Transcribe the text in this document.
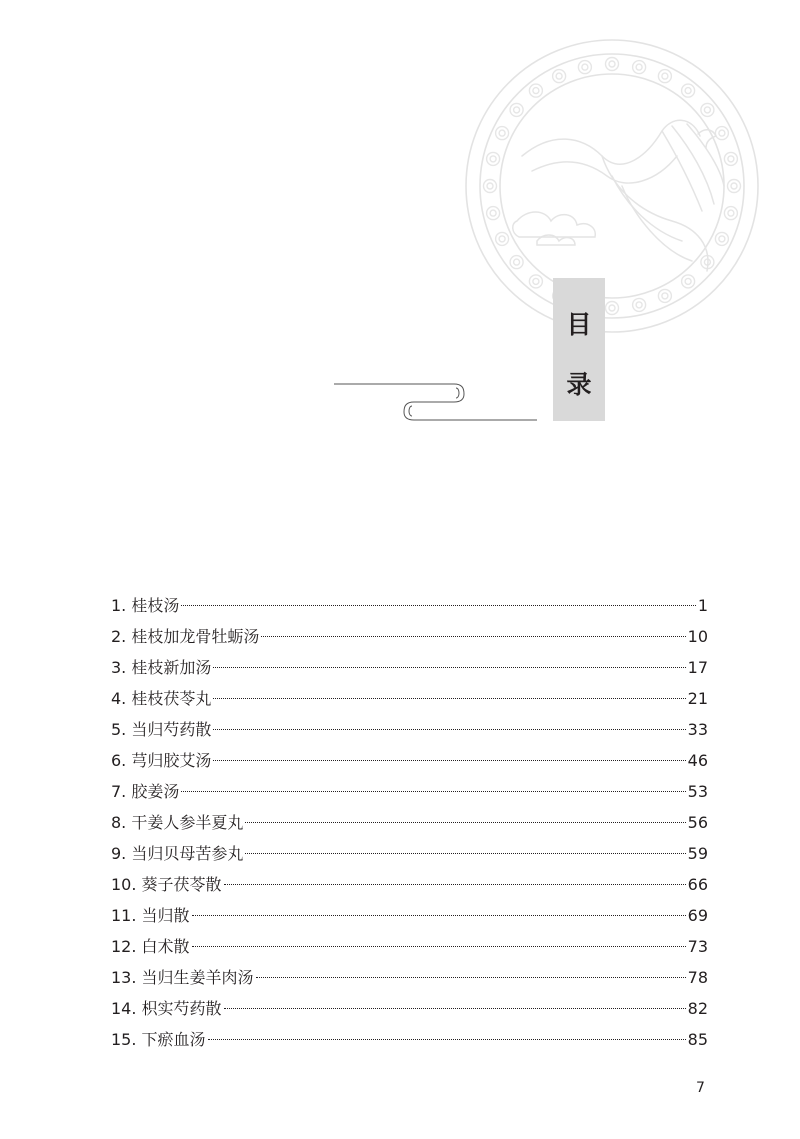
目
录
1. 桂枝汤	1
2. 桂枝加龙骨牡蛎汤	10
3. 桂枝新加汤	17
4. 桂枝茯苓丸	21
5. 当归芍药散	33
6. 芎归胶艾汤	46
7. 胶姜汤	53
8. 干姜人参半夏丸	56
9. 当归贝母苦参丸	59
10. 葵子茯苓散	66
11. 当归散	69
12. 白术散	73
13. 当归生姜羊肉汤	78
14. 枳实芍药散	82
15. 下瘀血汤	85
7
